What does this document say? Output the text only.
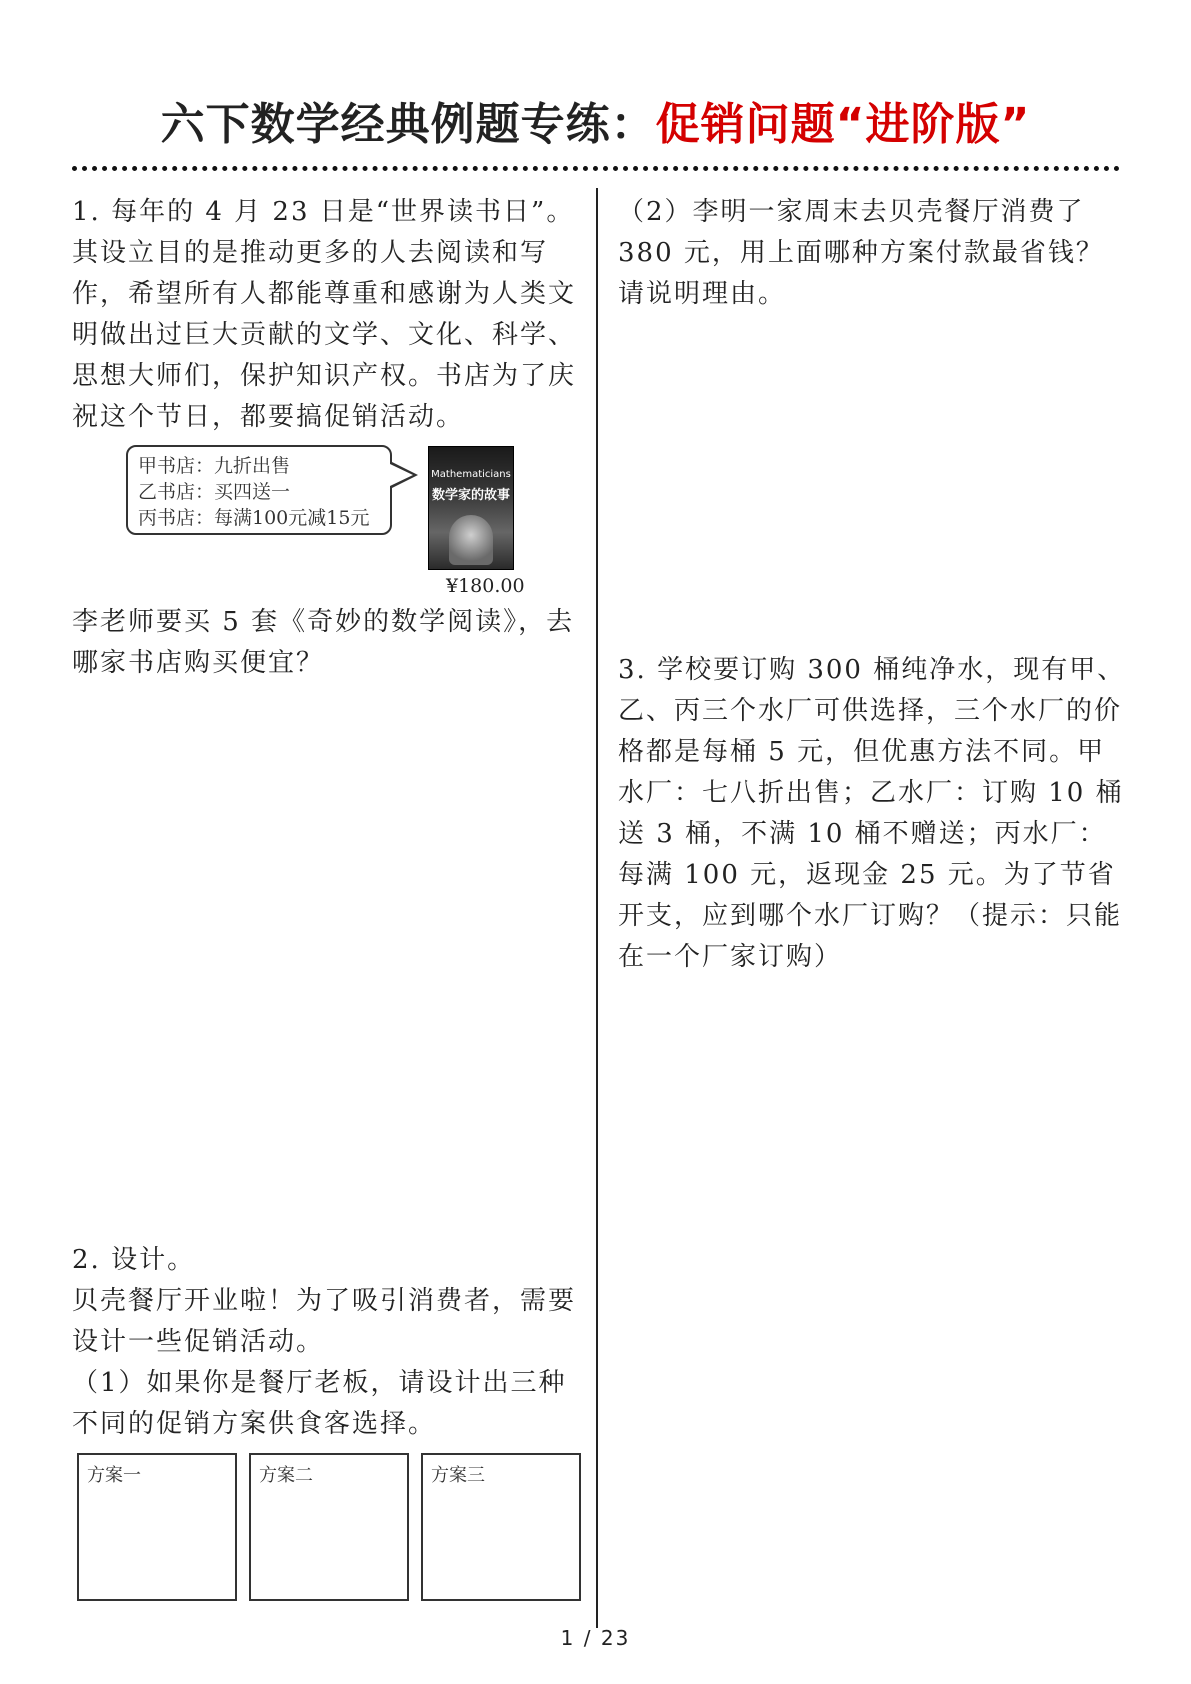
六下数学经典例题专练：促销问题“进阶版”

1. 每年的 4 月 23 日是“世界读书日”。其设立目的是推动更多的人去阅读和写作，希望所有人都能尊重和感谢为人类文明做出过巨大贡献的文学、文化、科学、思想大师们，保护知识产权。书店为了庆祝这个节日，都要搞促销活动。

甲书店：九折出售
乙书店：买四送一
丙书店：每满100元减15元
Mathematicians
数学家的故事
¥180.00

李老师要买 5 套《奇妙的数学阅读》，去哪家书店购买便宜？

2. 设计。

贝壳餐厅开业啦！为了吸引消费者，需要设计一些促销活动。

（1）如果你是餐厅老板，请设计出三种不同的促销方案供食客选择。

方案一	方案二	方案三

（2）李明一家周末去贝壳餐厅消费了 380 元，用上面哪种方案付款最省钱？请说明理由。

3. 学校要订购 300 桶纯净水，现有甲、乙、丙三个水厂可供选择，三个水厂的价格都是每桶 5 元，但优惠方法不同。甲水厂：七八折出售；乙水厂：订购 10 桶送 3 桶，不满 10 桶不赠送；丙水厂：每满 100 元，返现金 25 元。为了节省开支，应到哪个水厂订购？（提示：只能在一个厂家订购）

1 / 23
